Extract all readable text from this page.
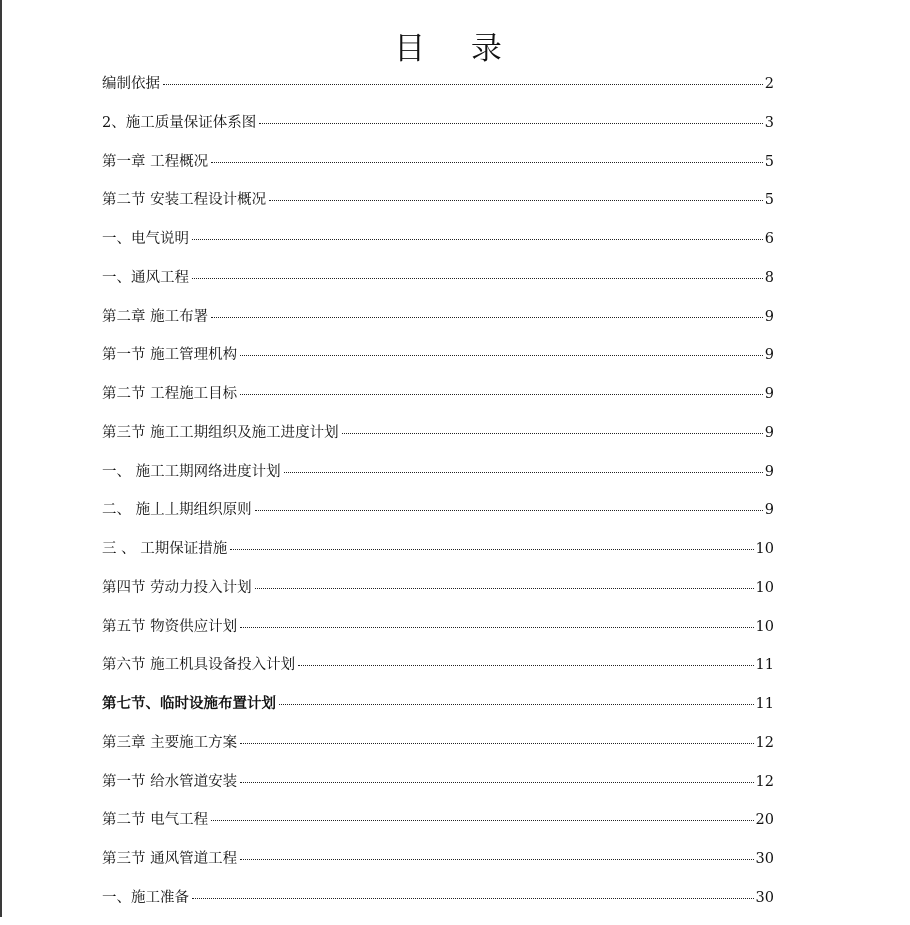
目 录
编制依据	2
2、施工质量保证体系图	3
第一章 工程概况	5
第二节 安装工程设计概况	5
一、电气说明	6
一、通风工程	8
第二章 施工布署	9
第一节 施工管理机构	9
第二节 工程施工目标	9
第三节 施工工期组织及施工进度计划	9
一、 施工工期网络进度计划	9
二、 施丄丄期组织原则	9
三 、 工期保证措施	10
第四节 劳动力投入计划	10
第五节 物资供应计划	10
第六节 施工机具设备投入计划	11
第七节、临时设施布置计划	11
第三章 主要施工方案	12
第一节 给水管道安装	12
第二节 电气工程	20
第三节 通风管道工程	30
一、施工准备	30
